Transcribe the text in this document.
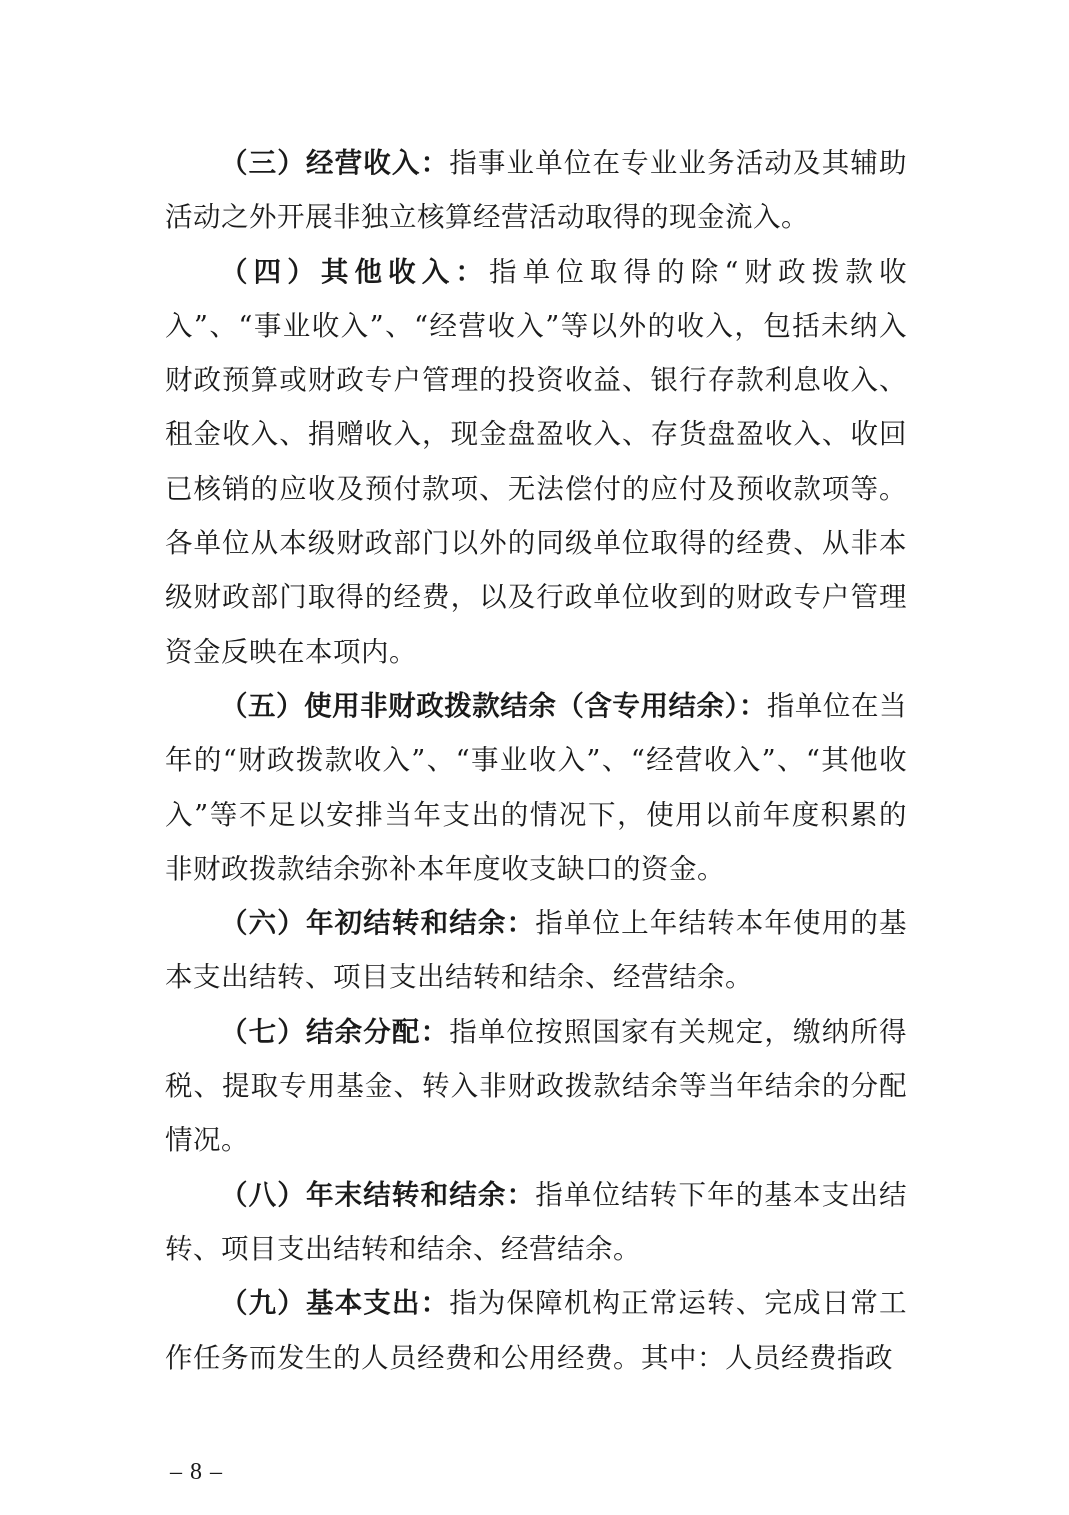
（三）经营收入：指事业单位在专业业务活动及其辅助活动之外开展非独立核算经营活动取得的现金流入。

（四）其他收入：指单位取得的除“财政拨款收入”、“事业收入”、“经营收入”等以外的收入，包括未纳入财政预算或财政专户管理的投资收益、银行存款利息收入、租金收入、捐赠收入，现金盘盈收入、存货盘盈收入、收回已核销的应收及预付款项、无法偿付的应付及预收款项等。各单位从本级财政部门以外的同级单位取得的经费、从非本级财政部门取得的经费，以及行政单位收到的财政专户管理资金反映在本项内。

（五）使用非财政拨款结余（含专用结余）：指单位在当年的“财政拨款收入”、“事业收入”、“经营收入”、“其他收入”等不足以安排当年支出的情况下，使用以前年度积累的非财政拨款结余弥补本年度收支缺口的资金。

（六）年初结转和结余：指单位上年结转本年使用的基本支出结转、项目支出结转和结余、经营结余。

（七）结余分配：指单位按照国家有关规定，缴纳所得税、提取专用基金、转入非财政拨款结余等当年结余的分配情况。

（八）年末结转和结余：指单位结转下年的基本支出结转、项目支出结转和结余、经营结余。

（九）基本支出：指为保障机构正常运转、完成日常工作任务而发生的人员经费和公用经费。其中：人员经费指政

– 8 –
